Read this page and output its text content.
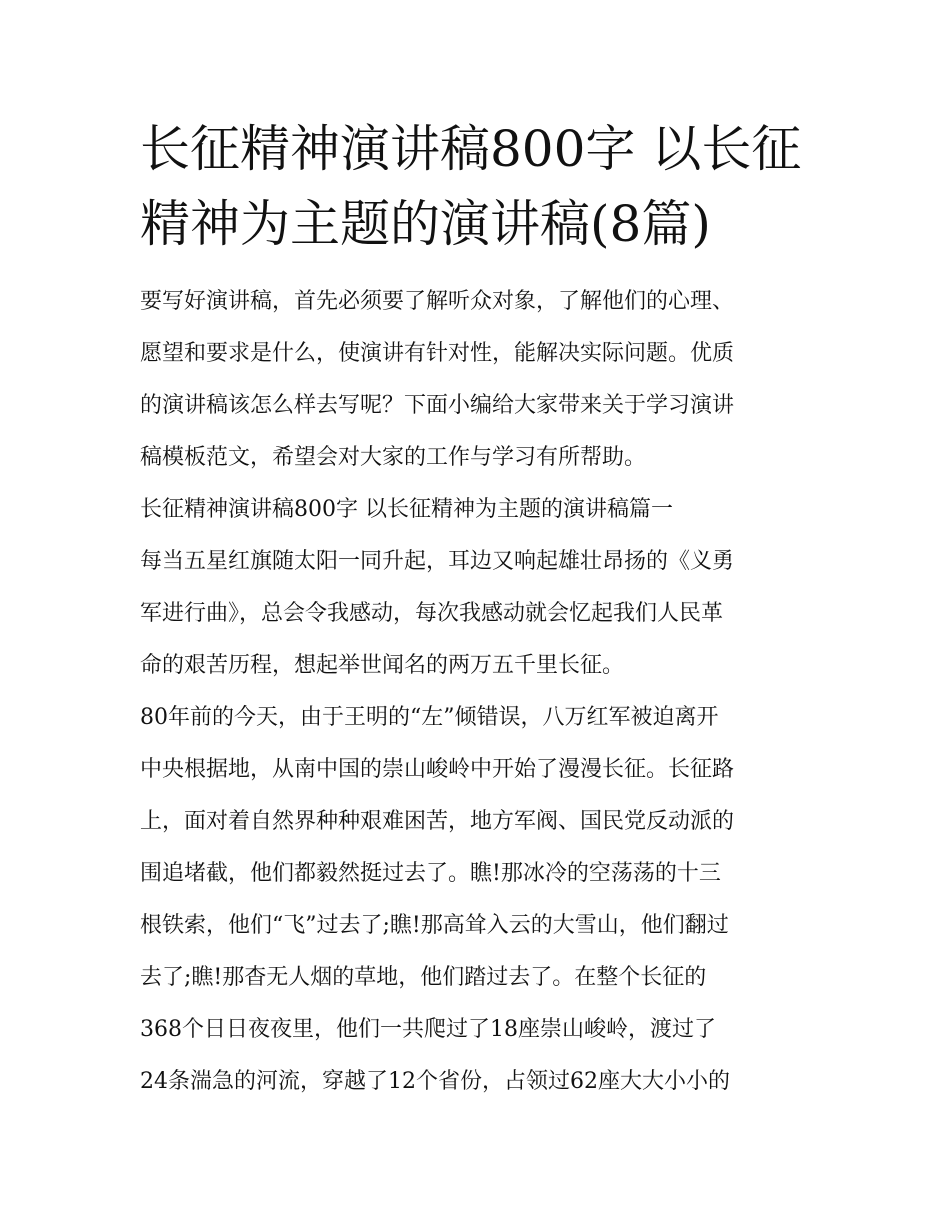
长征精神演讲稿800字 以长征
精神为主题的演讲稿(8篇)
要写好演讲稿，首先必须要了解听众对象，了解他们的心理、
愿望和要求是什么，使演讲有针对性，能解决实际问题。优质
的演讲稿该怎么样去写呢？下面小编给大家带来关于学习演讲
稿模板范文，希望会对大家的工作与学习有所帮助。
长征精神演讲稿800字 以长征精神为主题的演讲稿篇一
每当五星红旗随太阳一同升起，耳边又响起雄壮昂扬的《义勇
军进行曲》，总会令我感动，每次我感动就会忆起我们人民革
命的艰苦历程，想起举世闻名的两万五千里长征。
80年前的今天，由于王明的“左”倾错误，八万红军被迫离开
中央根据地，从南中国的崇山峻岭中开始了漫漫长征。长征路
上，面对着自然界种种艰难困苦，地方军阀、国民党反动派的
围追堵截，他们都毅然挺过去了。瞧!那冰冷的空荡荡的十三
根铁索，他们“飞”过去了;瞧!那高耸入云的大雪山，他们翻过
去了;瞧!那杳无人烟的草地，他们踏过去了。在整个长征的
368个日日夜夜里，他们一共爬过了18座崇山峻岭，渡过了
24条湍急的河流，穿越了12个省份，占领过62座大大小小的
